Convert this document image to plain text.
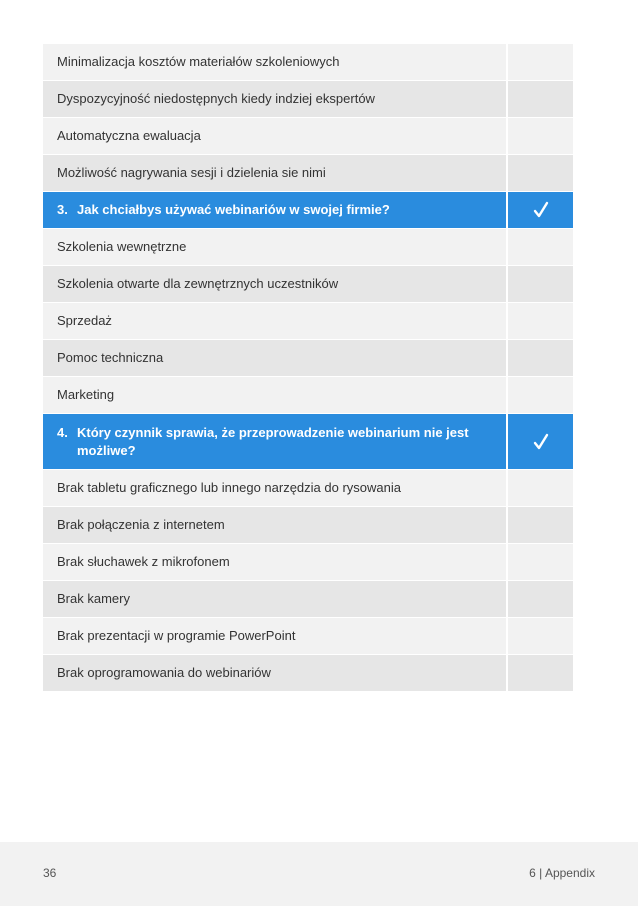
Minimalizacja kosztów materiałów szkoleniowych
Dyspozycyjność niedostępnych kiedy indziej ekspertów
Automatyczna ewaluacja
Możliwość nagrywania sesji i dzielenia sie nimi
3. Jak chciałbys używać webinariów w swojej firmie?
Szkolenia wewnętrzne
Szkolenia otwarte dla zewnętrznych uczestników
Sprzedaż
Pomoc techniczna
Marketing
4. Który czynnik sprawia, że przeprowadzenie webinarium nie jest możliwe?
Brak tabletu graficznego lub innego narzędzia do rysowania
Brak połączenia z internetem
Brak słuchawek z mikrofonem
Brak kamery
Brak prezentacji w programie PowerPoint
Brak oprogramowania do webinariów
36	6 | Appendix
